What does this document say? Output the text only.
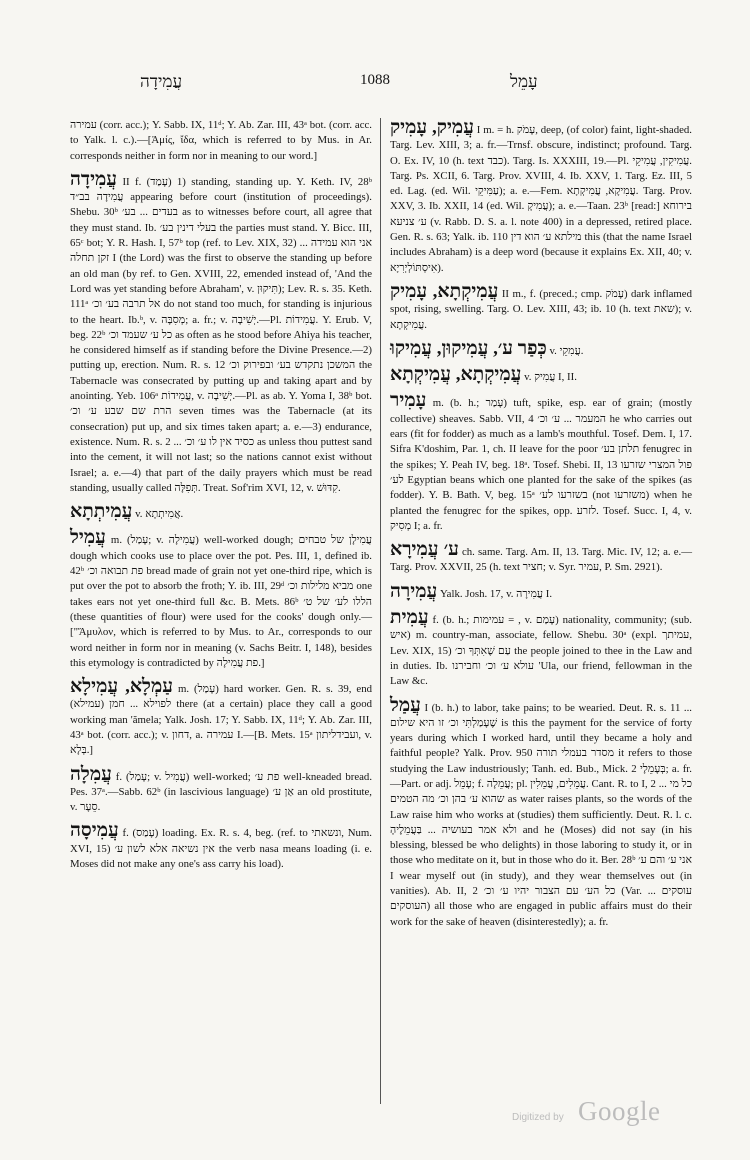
עֲמִידָה	1088	עָמֵל

עמירה (corr. acc.); Y. Sabb. IX, 11ᵈ; Y. Ab. Zar. III, 43ᵃ bot. (corr. acc. to Yalk. l. c.).—[Ἀμίς, ἴδα, which is referred to by Mus. in Ar. corresponds neither in form nor in meaning to our word.]

עֲמִידָה II f. (עָמַד) 1) standing, standing up. Y. Keth. IV, 28ᵇ עֲמִידָה בב״ד appearing before court (institution of proceedings). Shebu. 30ᵇ בעדים ... בע׳ as to witnesses before court, all agree that they must stand. Ib. בעלי דינין בע׳ the parties must stand. Y. Bicc. III, 65ᶜ bot; Y. R. Hash. I, 57ᵇ top (ref. to Lev. XIX, 32) ... אני הוא עמידה זקן תחלה I (the Lord) was the first to observe the standing up before an old man (by ref. to Gen. XVIII, 22, emended instead of, 'And the Lord was yet standing before Abraham', v. תִּיקוּן); Lev. R. s. 35. Keth. 111ᵃ אל תרבה בע׳ וכ׳ do not stand too much, for standing is injurious to the heart. Ib.ᵇ, v. מְסִבָּה; a. fr.; v. יְשִׁיבָה.—Pl. עֲמִידוֹת. Y. Erub. V, beg. 22ᵇ כל ע׳ שעמד וכ׳ as often as he stood before Ahiya his teacher, he considered himself as if standing before the Divine Presence.—2) putting up, erection. Num. R. s. 12 המשכן נתקדש בע׳ ובפירוק וכ׳ the Tabernacle was consecrated by putting up and taking apart and by anointing. Yeb. 106ᵃ עֲמִידוֹת, v. יְשִׁיבָה.—Pl. as ab. Y. Yoma I, 38ᵇ bot. הרת שם שבע ע׳ וכ׳ seven times was the Tabernacle (at its consecration) put up, and six times taken apart; a. e.—3) endurance, existence. Num. R. s. 2 ... כסיד אין לו ע׳ וכ׳ as unless thou puttest sand into the cement, it will not last; so the nations cannot exist without Israel; a. e.—4) that part of the daily prayers which must be read standing, usually called תְּפִלָּה. Treat. Sof'rim XVI, 12, v. קִדּוּשׁ.
עֲמִיתְתָא v. אֲמִיתְתָא.
עֲמִיל m. (עָמַל; v. עֲמִילָה) well-worked dough; עֲמִילָן של טבחים dough which cooks use to place over the pot. Pes. III, 1, defined ib. 42ᵇ פת תבואה וכ׳ bread made of grain not yet one-third ripe, which is put over the pot to absorb the froth; Y. ib. III, 29ᵈ מביא מלילות וכ׳ one takes ears not yet one-third full &c. B. Mets. 86ᵇ הללו לע׳ של ט׳ (these quantities of flour) were used for the cooks' dough only.—["Ἄμυλον, which is referred to by Mus. to Ar., corresponds to our word neither in form nor in meaning (v. Sachs Beitr. I, 148), besides this etymology is contradicted by פת עֲמִילָה.]
עַמְלָא, עֲמִילָא m. (עָמַל) hard worker. Gen. R. s. 39, end לפוילא ... חמן (עמילא) there (at a certain) place they call a good working man 'ămela; Yalk. Josh. 17; Y. Sabb. IX, 11ᵈ; Y. Ab. Zar. III, 43ᵃ bot. (corr. acc.); v. דחון, a. עמירה I.—[B. Mets. 15ᵃ ועבידליתון, v. בְּלָא.]
עֲמִלָה f. (עָמַל; v. עֲמִיל) well-worked; פת ע׳ well-kneaded bread. Pes. 37ᵃ.—Sabb. 62ᵇ (in lascivious language) אַן ע׳ an old prostitute, v. סֵעָר.
עֲמִיסָה f. (עָמַס) loading. Ex. R. s. 4, beg. (ref. to ונשאתי, Num. XVI, 15) אין נשיאה אלא לשון ע׳ the verb nasa means loading (i. e. Moses did not make any one's ass carry his load).
עֲמִיק, עָמִיק I m. = h. עָמֹק, deep, (of color) faint, light-shaded. Targ. Lev. XIII, 3; a. fr.—Trnsf. obscure, indistinct; profound. Targ. O. Ex. IV, 10 (h. text כבד). Targ. Is. XXXIII, 19.—Pl. עֲמִיקִין, עֲמִיקֵי. Targ. Ps. XCII, 6. Targ. Prov. XVIII, 4. Ib. XXV, 1. Targ. Ez. III, 5 ed. Lag. (ed. Wil. עַמִּיקֵי); a. e.—Fem. עֲמִיקָא, עֲמִיקְתָא. Targ. Prov. XXV, 3. Ib. XXII, 14 (ed. Wil. עֲמִיקָ); a. e.—Taan. 23ᵇ [read:] בירוחא ע׳ צניעא (v. Rabb. D. S. a. l. note 400) in a depressed, retired place. Gen. R. s. 63; Yalk. ib. 110 מילתא ע׳ הוא דין this (that the name Israel includes Abraham) is a deep word (because it explains Ex. XII, 40; v. אִיסְתּוֹלְיְרִיָא).
עֲמִיקְתָא, עָמִיק II m., f. (preced.; cmp. עָמֹק) dark inflamed spot, rising, swelling. Targ. O. Lev. XIII, 43; ib. 10 (h. text שאת); v. עֲמִיקְתָא.
כְּפַר ע׳, עֲמִיקוּן, עֲמִיקוּ v. עֲמִקֵי.
עֲמִיקְתָא, עֲמִיקְתָא v. עֲמִיק I, II.
עָמִיר m. (b. h.; עָמַר) tuft, spike, esp. ear of grain; (mostly collective) sheaves. Sabb. VII, 4 המעמר ... ע׳ וכ׳ he who carries out ears (fit for fodder) as much as a lamb's mouthful. Tosef. Dem. I, 17. Sifra K'doshim, Par. 1, ch. II leave for the poor תלתן בע׳ fenugrec in the spikes; Y. Peah IV, beg. 18ᵃ. Tosef. Shebi. II, 13 פול המצרי שזרעו לע׳ Egyptian beans which one planted for the sake of the spikes (as fodder). Y. B. Bath. V, beg. 15ᵃ בשזרעו לע׳ (not משזרעו) when he planted the fenugrec for the spikes, opp. לזרע. Tosef. Succ. I, 4, v. מְסִיק I; a. fr.
ע׳ עֲמִירָא ch. same. Targ. Am. II, 13. Targ. Mic. IV, 12; a. e.—Targ. Prov. XXVII, 25 (h. text חציר; v. Syr. עמיר, P. Sm. 2921).
עֲמִירָה Yalk. Josh. 17, v. עֲמִירָה I.
עֲמִית f. (b. h.; עמימות = , v. עָמַם) nationality, community; (sub. איש) m. country-man, associate, fellow. Shebu. 30ᵃ (expl. עמיתך, Lev. XIX, 15) עַם שֶׁאִתְּךָ וכ׳ the people joined to thee in the Law and in duties. Ib. עולא ע׳ וכ׳ וחבירנו 'Ula, our friend, fellowman in the Law &c.
עֲמַל I (b. h.) to labor, take pains; to be wearied. Deut. R. s. 11 ... שֶׁעָמַלְתִּי וכ׳ זו היא שילום is this the payment for the service of forty years during which I worked hard, until they became a holy and faithful people? Yalk. Prov. 950 מסדר בעמלי תורה it refers to those studying the Law industriously; Tanh. ed. Bub., Mick. 2 בְּעָמֵלָי; a. fr.—Part. or adj. עָמֵל; f. עֲמֵלָה; pl. עֲמֵלִים, עֲמֵלִין. Cant. R. to I, 2 ... כל מי שהוא ע׳ בהן וכ׳ מה הטמים as water raises plants, so the words of the Law raise him who works at (studies) them sufficiently. Deut. R. l. c. ולא אמר בעושיה ... בַּעֲמֵלֶיהָ and he (Moses) did not say (in his blessing, blessed be who delights) in those laboring to study it, or in those who meditate on it, but in those who do it. Ber. 28ᵇ אני ע׳ והם ע׳ I wear myself out (in study), and they wear themselves out (in vanities). Ab. II, 2 כל הע׳ עם הצבור יהיו ע׳ וכ׳ (Var. עוסקים ... (העוסקים all those who are engaged in public affairs must do their work for the sake of heaven (disinterestedly); a. fr.
Digitized by Google
